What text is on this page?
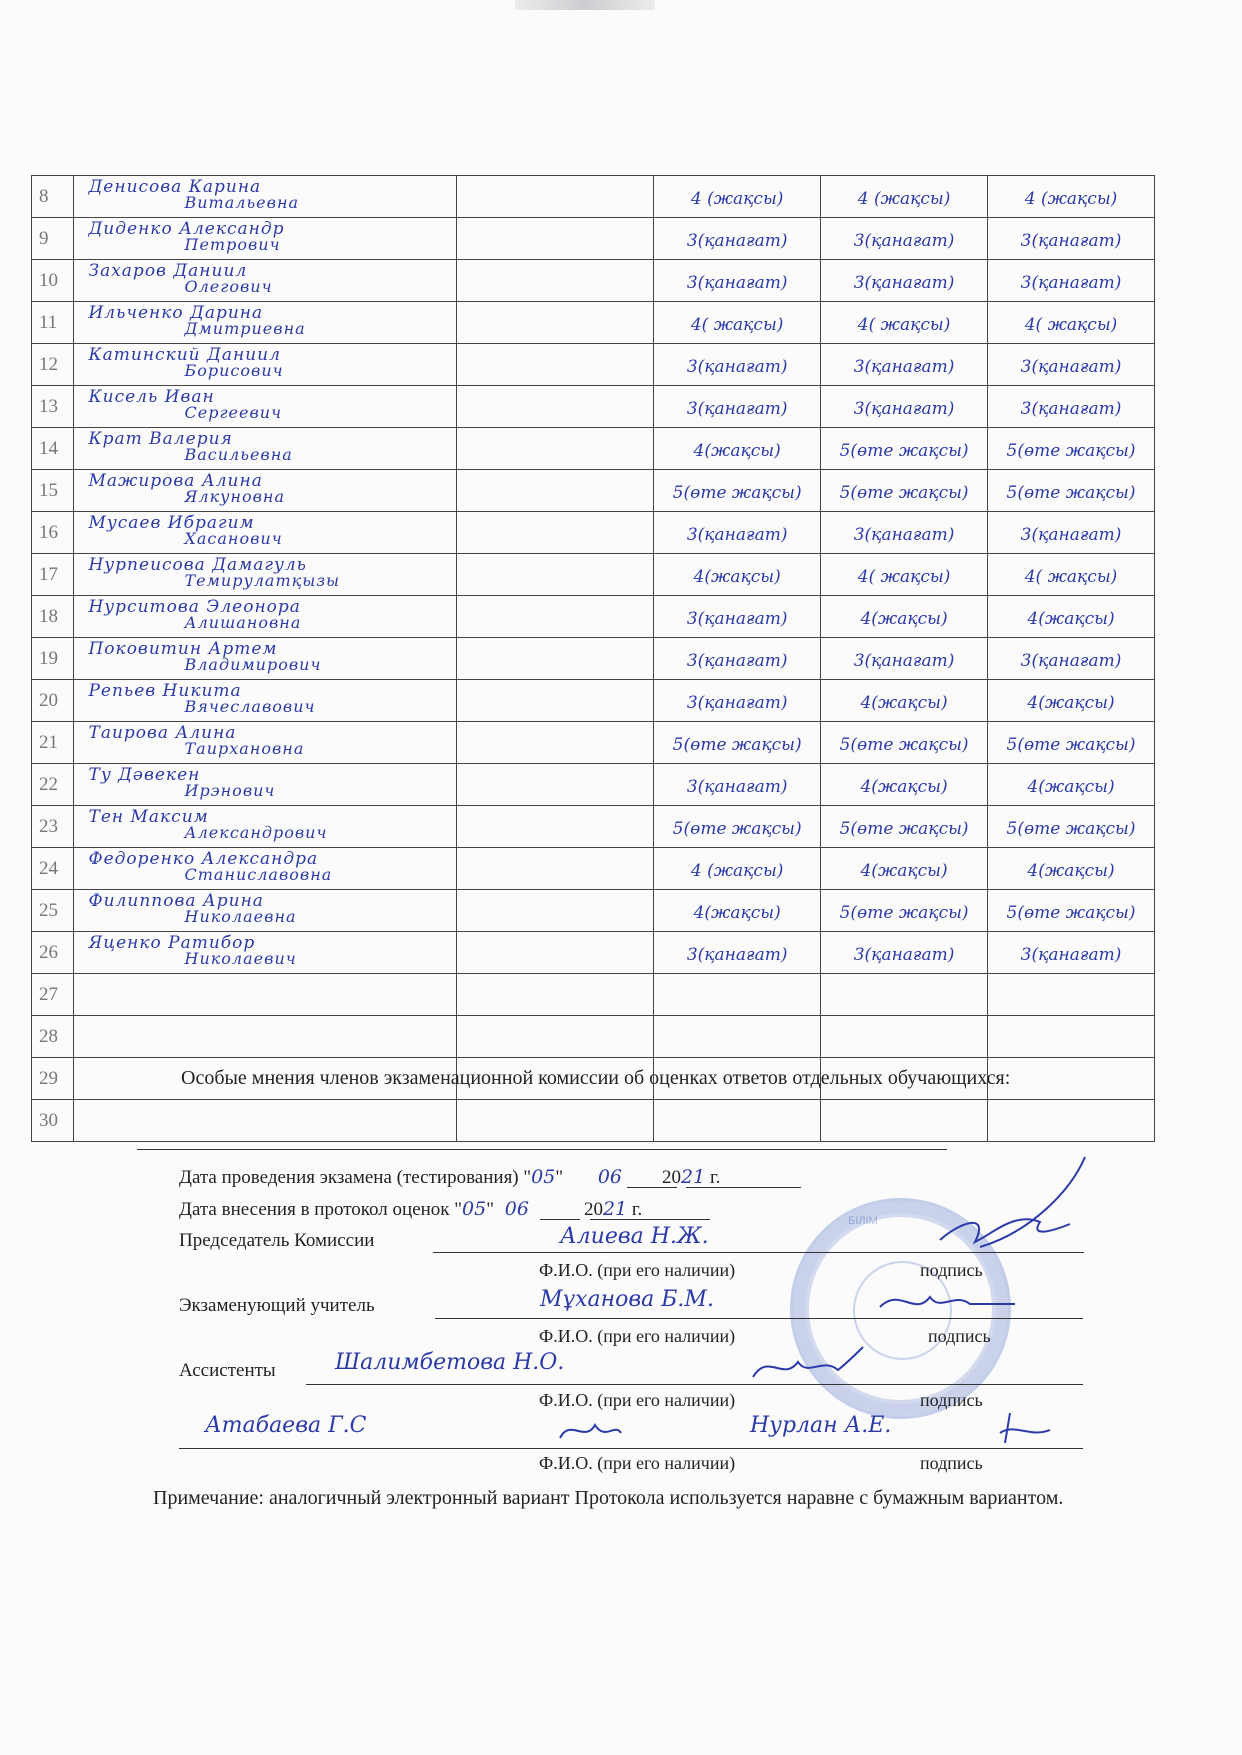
8	Денисова Карина
Витальевна		4 (жақсы)	4 (жақсы)	4 (жақсы)
9	Диденко Александр
Петрович		3(қанағат)	3(қанағат)	3(қанағат)
10	Захаров Даниил
Олегович		3(қанағат)	3(қанағат)	3(қанағат)
11	Ильченко Дарина
Дмитриевна		4( жақсы)	4( жақсы)	4( жақсы)
12	Катинский Даниил
Борисович		3(қанағат)	3(қанағат)	3(қанағат)
13	Кисель Иван
Сергеевич		3(қанағат)	3(қанағат)	3(қанағат)
14	Крат Валерия
Васильевна		4(жақсы)	5(өте жақсы)	5(өте жақсы)
15	Мажирова Алина
Ялкуновна		5(өте жақсы)	5(өте жақсы)	5(өте жақсы)
16	Мусаев Ибрагим
Хасанович		3(қанағат)	3(қанағат)	3(қанағат)
17	Нурпеисова Дамагуль
Темирулатқызы		4(жақсы)	4( жақсы)	4( жақсы)
18	Нурситова Элеонора
Алишановна		3(қанағат)	4(жақсы)	4(жақсы)
19	Поковитин Артем
Владимирович		3(қанағат)	3(қанағат)	3(қанағат)
20	Репьев Никита
Вячеславович		3(қанағат)	4(жақсы)	4(жақсы)
21	Таирова Алина
Таирхановна		5(өте жақсы)	5(өте жақсы)	5(өте жақсы)
22	Ту Дәвекен
Ирэнович		3(қанағат)	4(жақсы)	4(жақсы)
23	Тен Максим
Александрович		5(өте жақсы)	5(өте жақсы)	5(өте жақсы)
24	Федоренко Александра
Станиславовна		4 (жақсы)	4(жақсы)	4(жақсы)
25	Филиппова Арина
Николаевна		4(жақсы)	5(өте жақсы)	5(өте жақсы)
26	Яценко Ратибор
Николаевич		3(қанағат)	3(қанағат)	3(қанағат)
27	

28	

29	

30	

Особые мнения членов экзаменационной комиссии об оценках ответов отдельных обучающихся:
Дата проведения экзамена (тестирования) "05" 06 2021 г.
Дата внесения в протокол оценок "05" 06	2021 г.
БІЛІМ
Председатель Комиссии	Алиева Н.Ж.
Ф.И.О. (при его наличии)	подпись
Экзаменующий учитель	Мұханова Б.М.
Ф.И.О. (при его наличии)	подпись
Ассистенты	Шалимбетова Н.О.
Ф.И.О. (при его наличии)	подпись
Атабаева Г.С	Нурлан А.Е.
Ф.И.О. (при его наличии)	подпись
Примечание: аналогичный электронный вариант Протокола используется наравне с бумажным вариантом.
